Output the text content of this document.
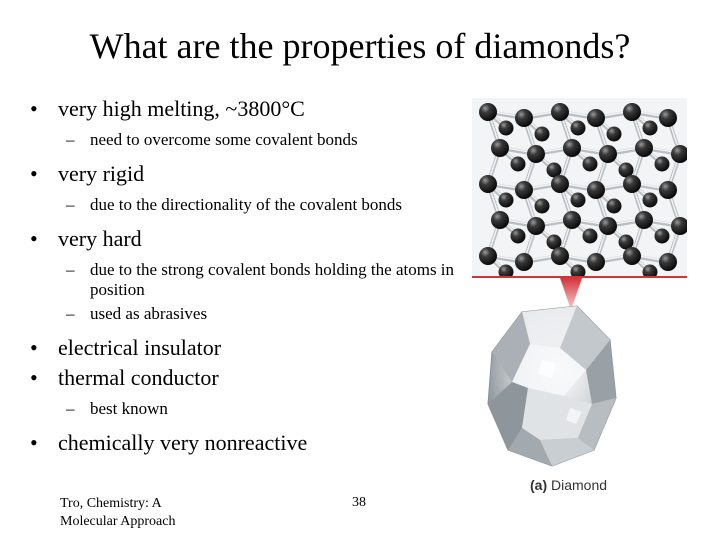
What are the properties of diamonds?
• very high melting, ~3800°C
– need to overcome some covalent bonds
• very rigid
– due to the directionality of the covalent bonds
• very hard
– due to the strong covalent bonds holding the atoms in position
– used as abrasives
• electrical insulator
• thermal conductor
– best known
• chemically very nonreactive
(a) Diamond
Tro, Chemistry: A
Molecular Approach
38
